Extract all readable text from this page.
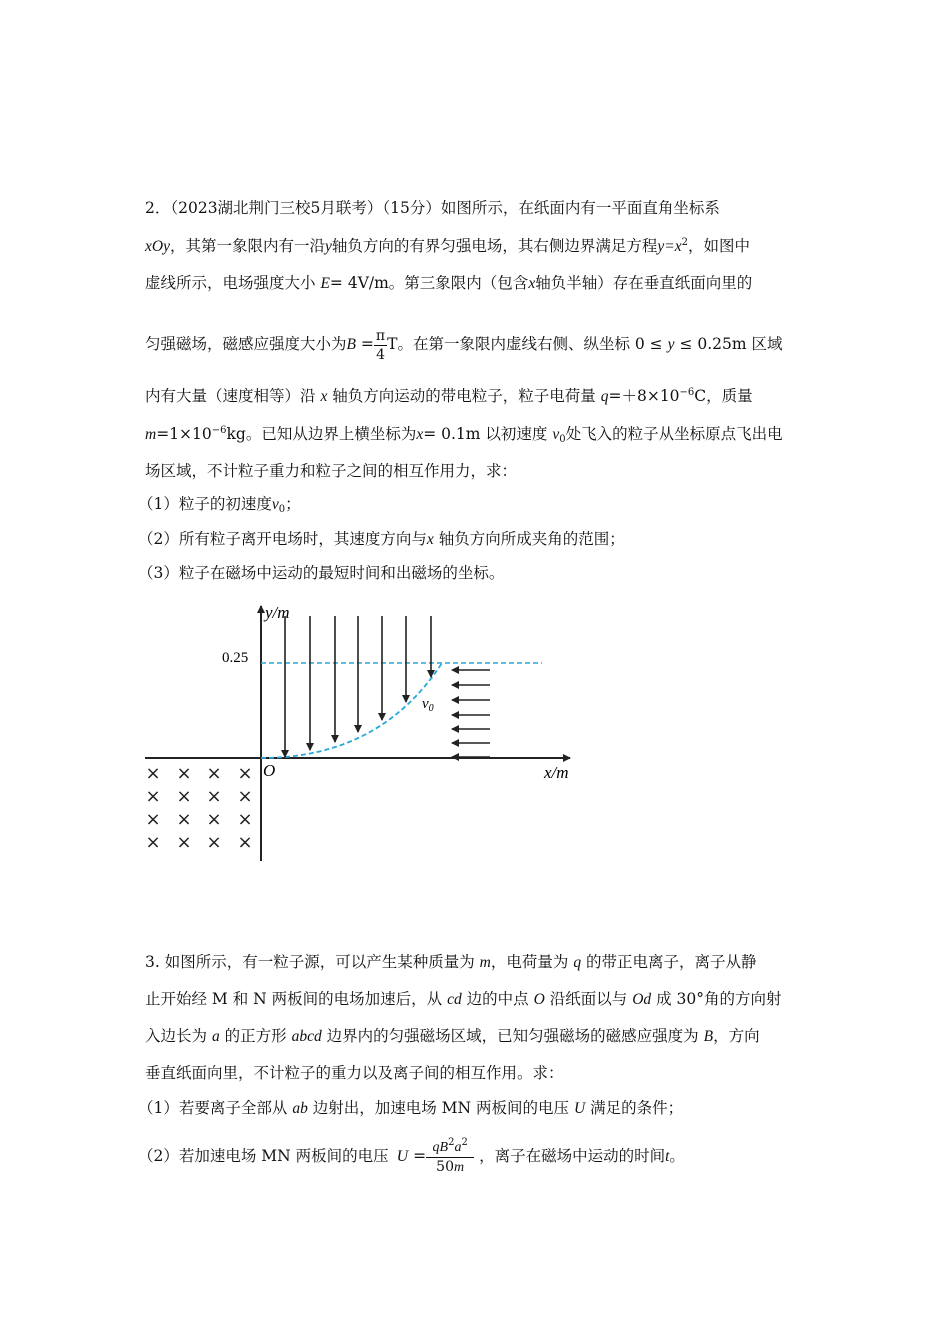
2．（2023湖北荆门三校5月联考）（15分）如图所示，在纸面内有一平面直角坐标系
xOy，其第一象限内有一沿y轴负方向的有界匀强电场，其右侧边界满足方程$y=x^2$，如图中
虚线所示，电场强度大小 E= 4V/m。第三象限内（包含x轴负半轴）存在垂直纸面向里的
匀强磁场，磁感应强度大小为$B = \frac{\pi}{4}$ T。在第一象限内虚线右侧、纵坐标 0 ≤ y ≤ 0.25m 区域
内有大量（速度相等）沿 x 轴负方向运动的带电粒子，粒子电荷量 $q=+8\times 10^{-6}C$，质量
$m=1\times 10^{-6}kg$。已知从边界上横坐标为x= 0.1m 以初速度 $v_0$处飞入的粒子从坐标原点飞出电
场区域，不计粒子重力和粒子之间的相互作用力，求：
（1）粒子的初速度$v_0$；
（2）所有粒子离开电场时，其速度方向与x 轴负方向所成夹角的范围；
（3）粒子在磁场中运动的最短时间和出磁场的坐标。
y/m
x/m
O
0.25
$v_0$
× × × ×
× × × ×
× × × ×
× × × ×
3. 如图所示，有一粒子源，可以产生某种质量为 m，电荷量为 q 的带正电离子，离子从静
止开始经 M 和 N 两板间的电场加速后，从 cd 边的中点 O 沿纸面以与 Od 成 30°角的方向射
入边长为 a 的正方形 abcd 边界内的匀强磁场区域，已知匀强磁场的磁感应强度为 B，方向
垂直纸面向里，不计粒子的重力以及离子间的相互作用。求：
（1）若要离子全部从 ab 边射出，加速电场 MN 两板间的电压 U 满足的条件；
（2）若加速电场 MN 两板间的电压 $U = \frac{qB^2a^2}{50m}$ ，离子在磁场中运动的时间t。
